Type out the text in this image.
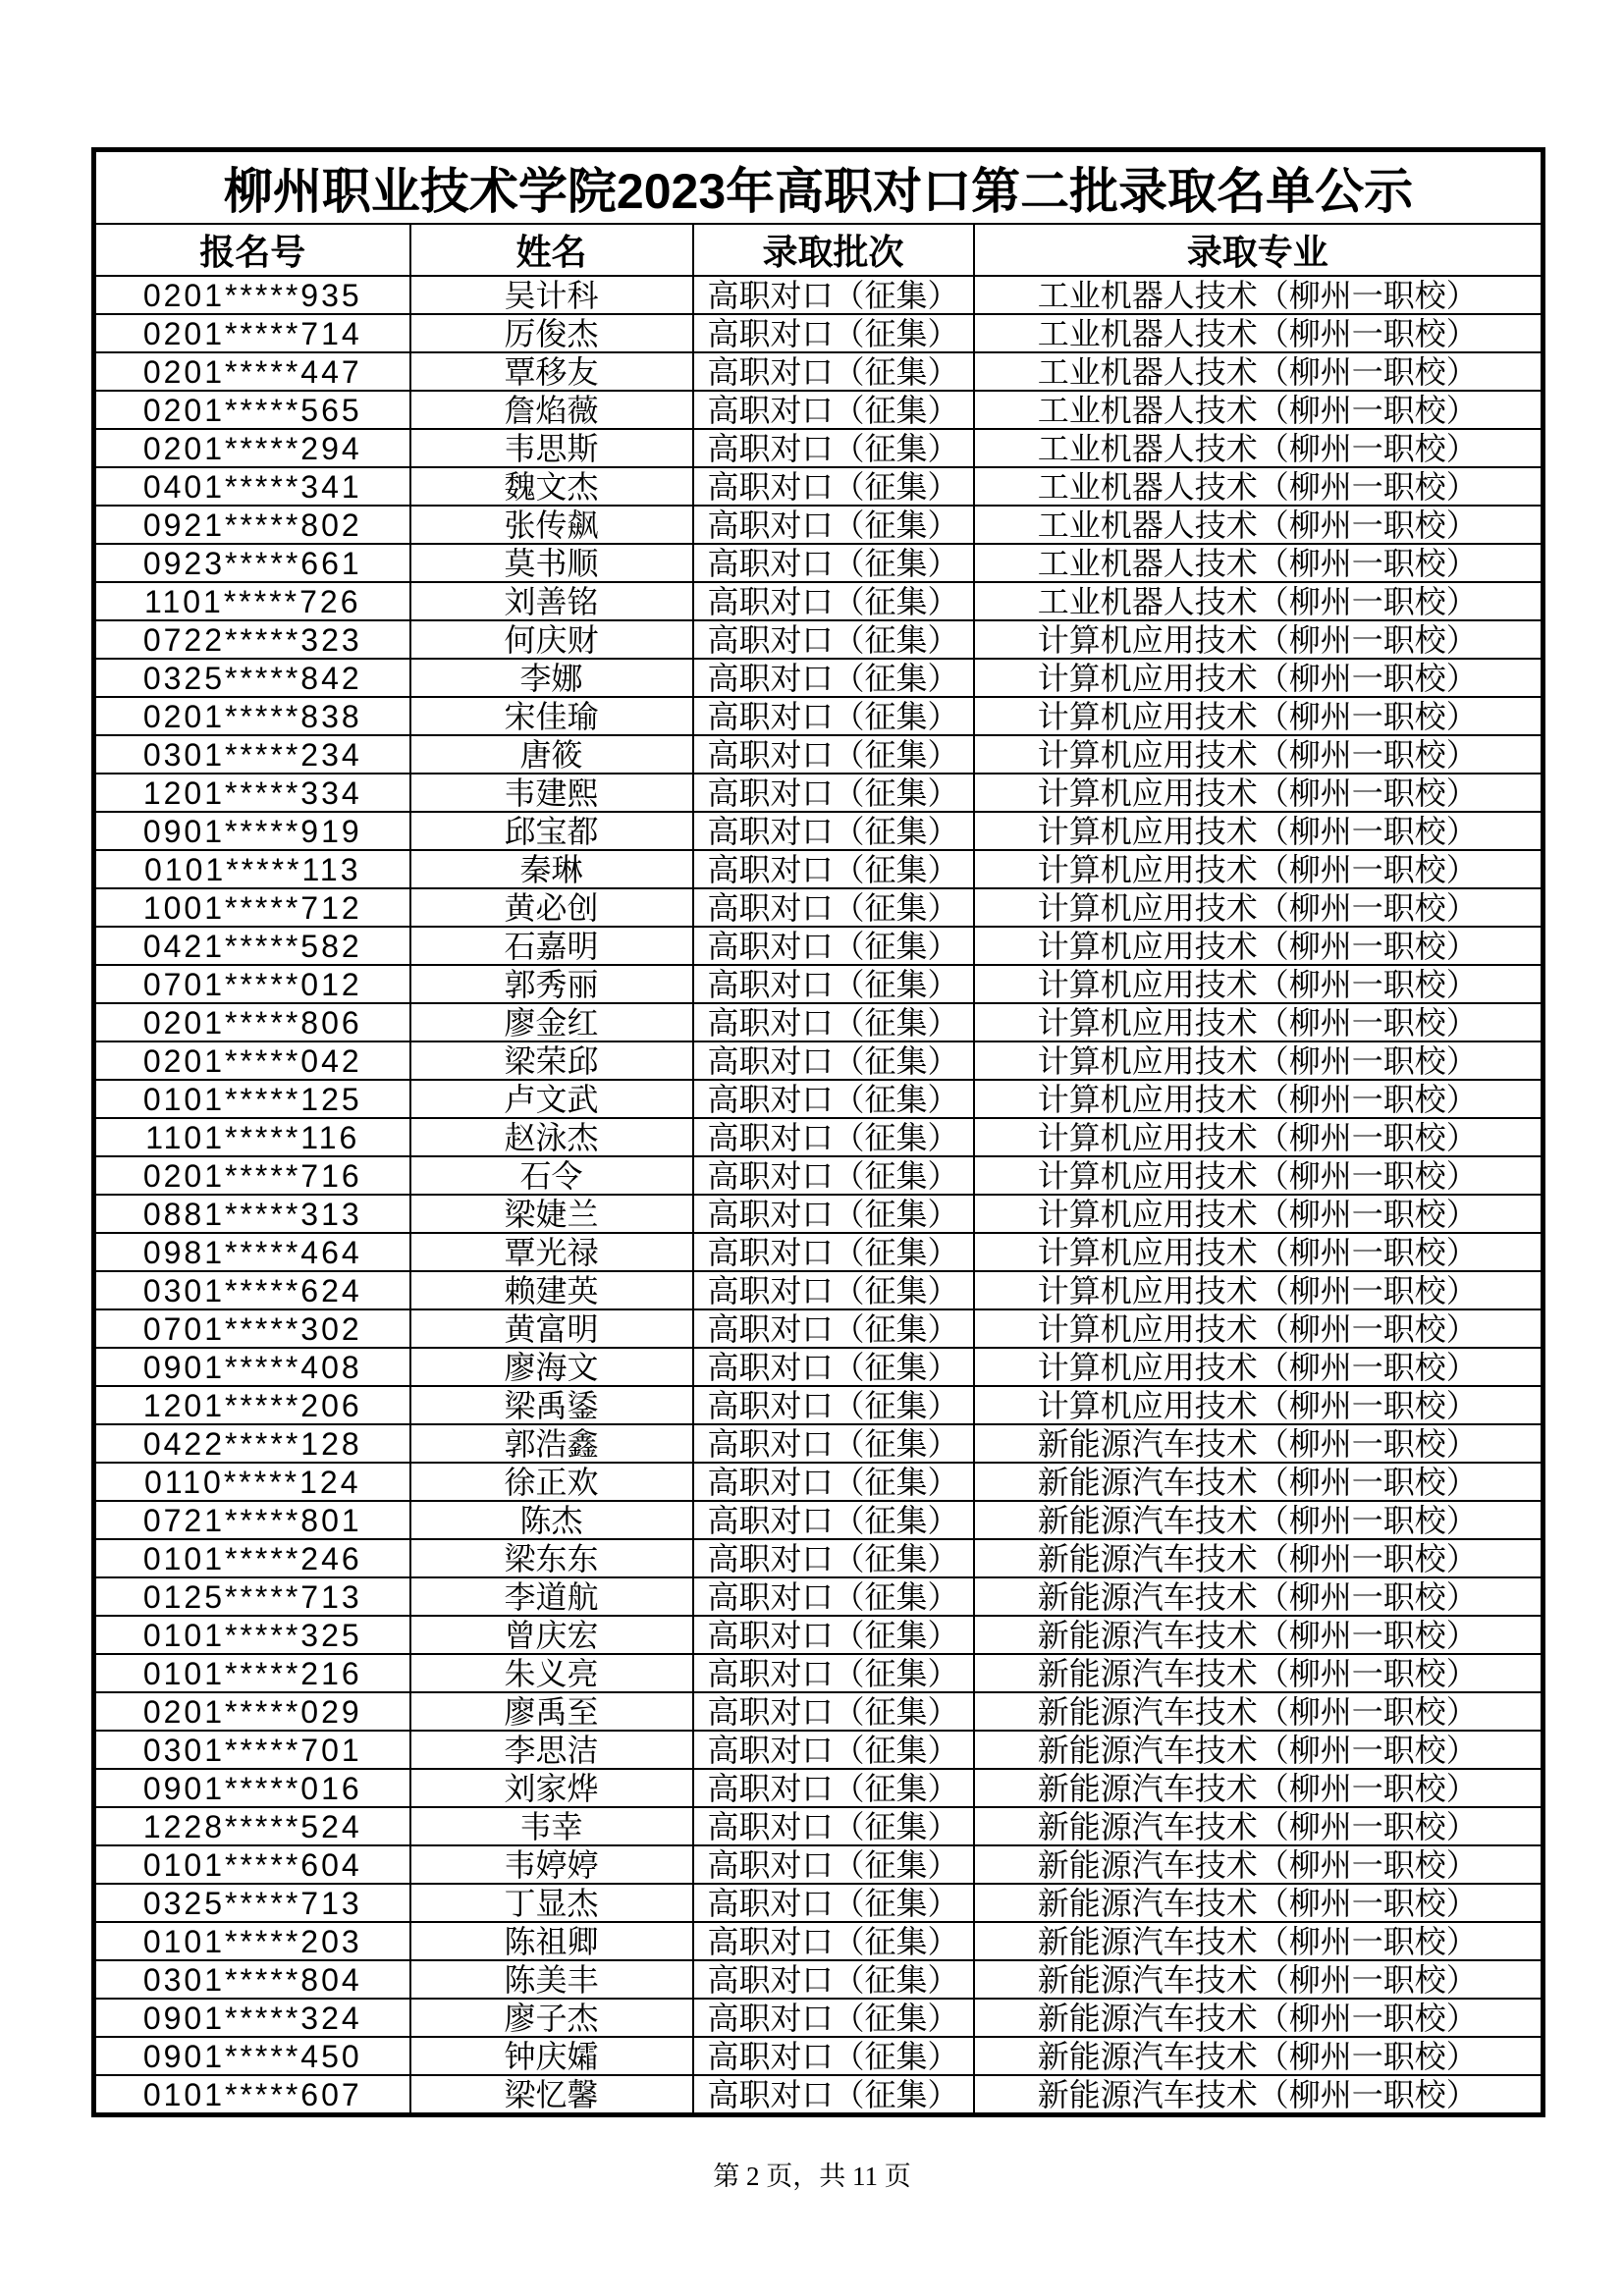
柳州职业技术学院2023年高职对口第二批录取名单公示			
报名号	姓名	录取批次	录取专业
0201*****935	吴计科	高职对口（征集）	工业机器人技术（柳州一职校）
0201*****714	厉俊杰	高职对口（征集）	工业机器人技术（柳州一职校）
0201*****447	覃移友	高职对口（征集）	工业机器人技术（柳州一职校）
0201*****565	詹焰薇	高职对口（征集）	工业机器人技术（柳州一职校）
0201*****294	韦思斯	高职对口（征集）	工业机器人技术（柳州一职校）
0401*****341	魏文杰	高职对口（征集）	工业机器人技术（柳州一职校）
0921*****802	张传飙	高职对口（征集）	工业机器人技术（柳州一职校）
0923*****661	莫书顺	高职对口（征集）	工业机器人技术（柳州一职校）
1101*****726	刘善铭	高职对口（征集）	工业机器人技术（柳州一职校）
0722*****323	何庆财	高职对口（征集）	计算机应用技术（柳州一职校）
0325*****842	李娜	高职对口（征集）	计算机应用技术（柳州一职校）
0201*****838	宋佳瑜	高职对口（征集）	计算机应用技术（柳州一职校）
0301*****234	唐筱	高职对口（征集）	计算机应用技术（柳州一职校）
1201*****334	韦建熙	高职对口（征集）	计算机应用技术（柳州一职校）
0901*****919	邱宝都	高职对口（征集）	计算机应用技术（柳州一职校）
0101*****113	秦琳	高职对口（征集）	计算机应用技术（柳州一职校）
1001*****712	黄必创	高职对口（征集）	计算机应用技术（柳州一职校）
0421*****582	石嘉明	高职对口（征集）	计算机应用技术（柳州一职校）
0701*****012	郭秀丽	高职对口（征集）	计算机应用技术（柳州一职校）
0201*****806	廖金红	高职对口（征集）	计算机应用技术（柳州一职校）
0201*****042	梁荣邱	高职对口（征集）	计算机应用技术（柳州一职校）
0101*****125	卢文武	高职对口（征集）	计算机应用技术（柳州一职校）
1101*****116	赵泳杰	高职对口（征集）	计算机应用技术（柳州一职校）
0201*****716	石令	高职对口（征集）	计算机应用技术（柳州一职校）
0881*****313	梁婕兰	高职对口（征集）	计算机应用技术（柳州一职校）
0981*****464	覃光禄	高职对口（征集）	计算机应用技术（柳州一职校）
0301*****624	赖建英	高职对口（征集）	计算机应用技术（柳州一职校）
0701*****302	黄富明	高职对口（征集）	计算机应用技术（柳州一职校）
0901*****408	廖海文	高职对口（征集）	计算机应用技术（柳州一职校）
1201*****206	梁禹鋈	高职对口（征集）	计算机应用技术（柳州一职校）
0422*****128	郭浩鑫	高职对口（征集）	新能源汽车技术（柳州一职校）
0110*****124	徐正欢	高职对口（征集）	新能源汽车技术（柳州一职校）
0721*****801	陈杰	高职对口（征集）	新能源汽车技术（柳州一职校）
0101*****246	梁东东	高职对口（征集）	新能源汽车技术（柳州一职校）
0125*****713	李道航	高职对口（征集）	新能源汽车技术（柳州一职校）
0101*****325	曾庆宏	高职对口（征集）	新能源汽车技术（柳州一职校）
0101*****216	朱义亮	高职对口（征集）	新能源汽车技术（柳州一职校）
0201*****029	廖禹至	高职对口（征集）	新能源汽车技术（柳州一职校）
0301*****701	李思洁	高职对口（征集）	新能源汽车技术（柳州一职校）
0901*****016	刘家烨	高职对口（征集）	新能源汽车技术（柳州一职校）
1228*****524	韦幸	高职对口（征集）	新能源汽车技术（柳州一职校）
0101*****604	韦婷婷	高职对口（征集）	新能源汽车技术（柳州一职校）
0325*****713	丁显杰	高职对口（征集）	新能源汽车技术（柳州一职校）
0101*****203	陈祖卿	高职对口（征集）	新能源汽车技术（柳州一职校）
0301*****804	陈美丰	高职对口（征集）	新能源汽车技术（柳州一职校）
0901*****324	廖子杰	高职对口（征集）	新能源汽车技术（柳州一职校）
0901*****450	钟庆孀	高职对口（征集）	新能源汽车技术（柳州一职校）
0101*****607	梁忆馨	高职对口（征集）	新能源汽车技术（柳州一职校）
第 2 页，共 11 页
